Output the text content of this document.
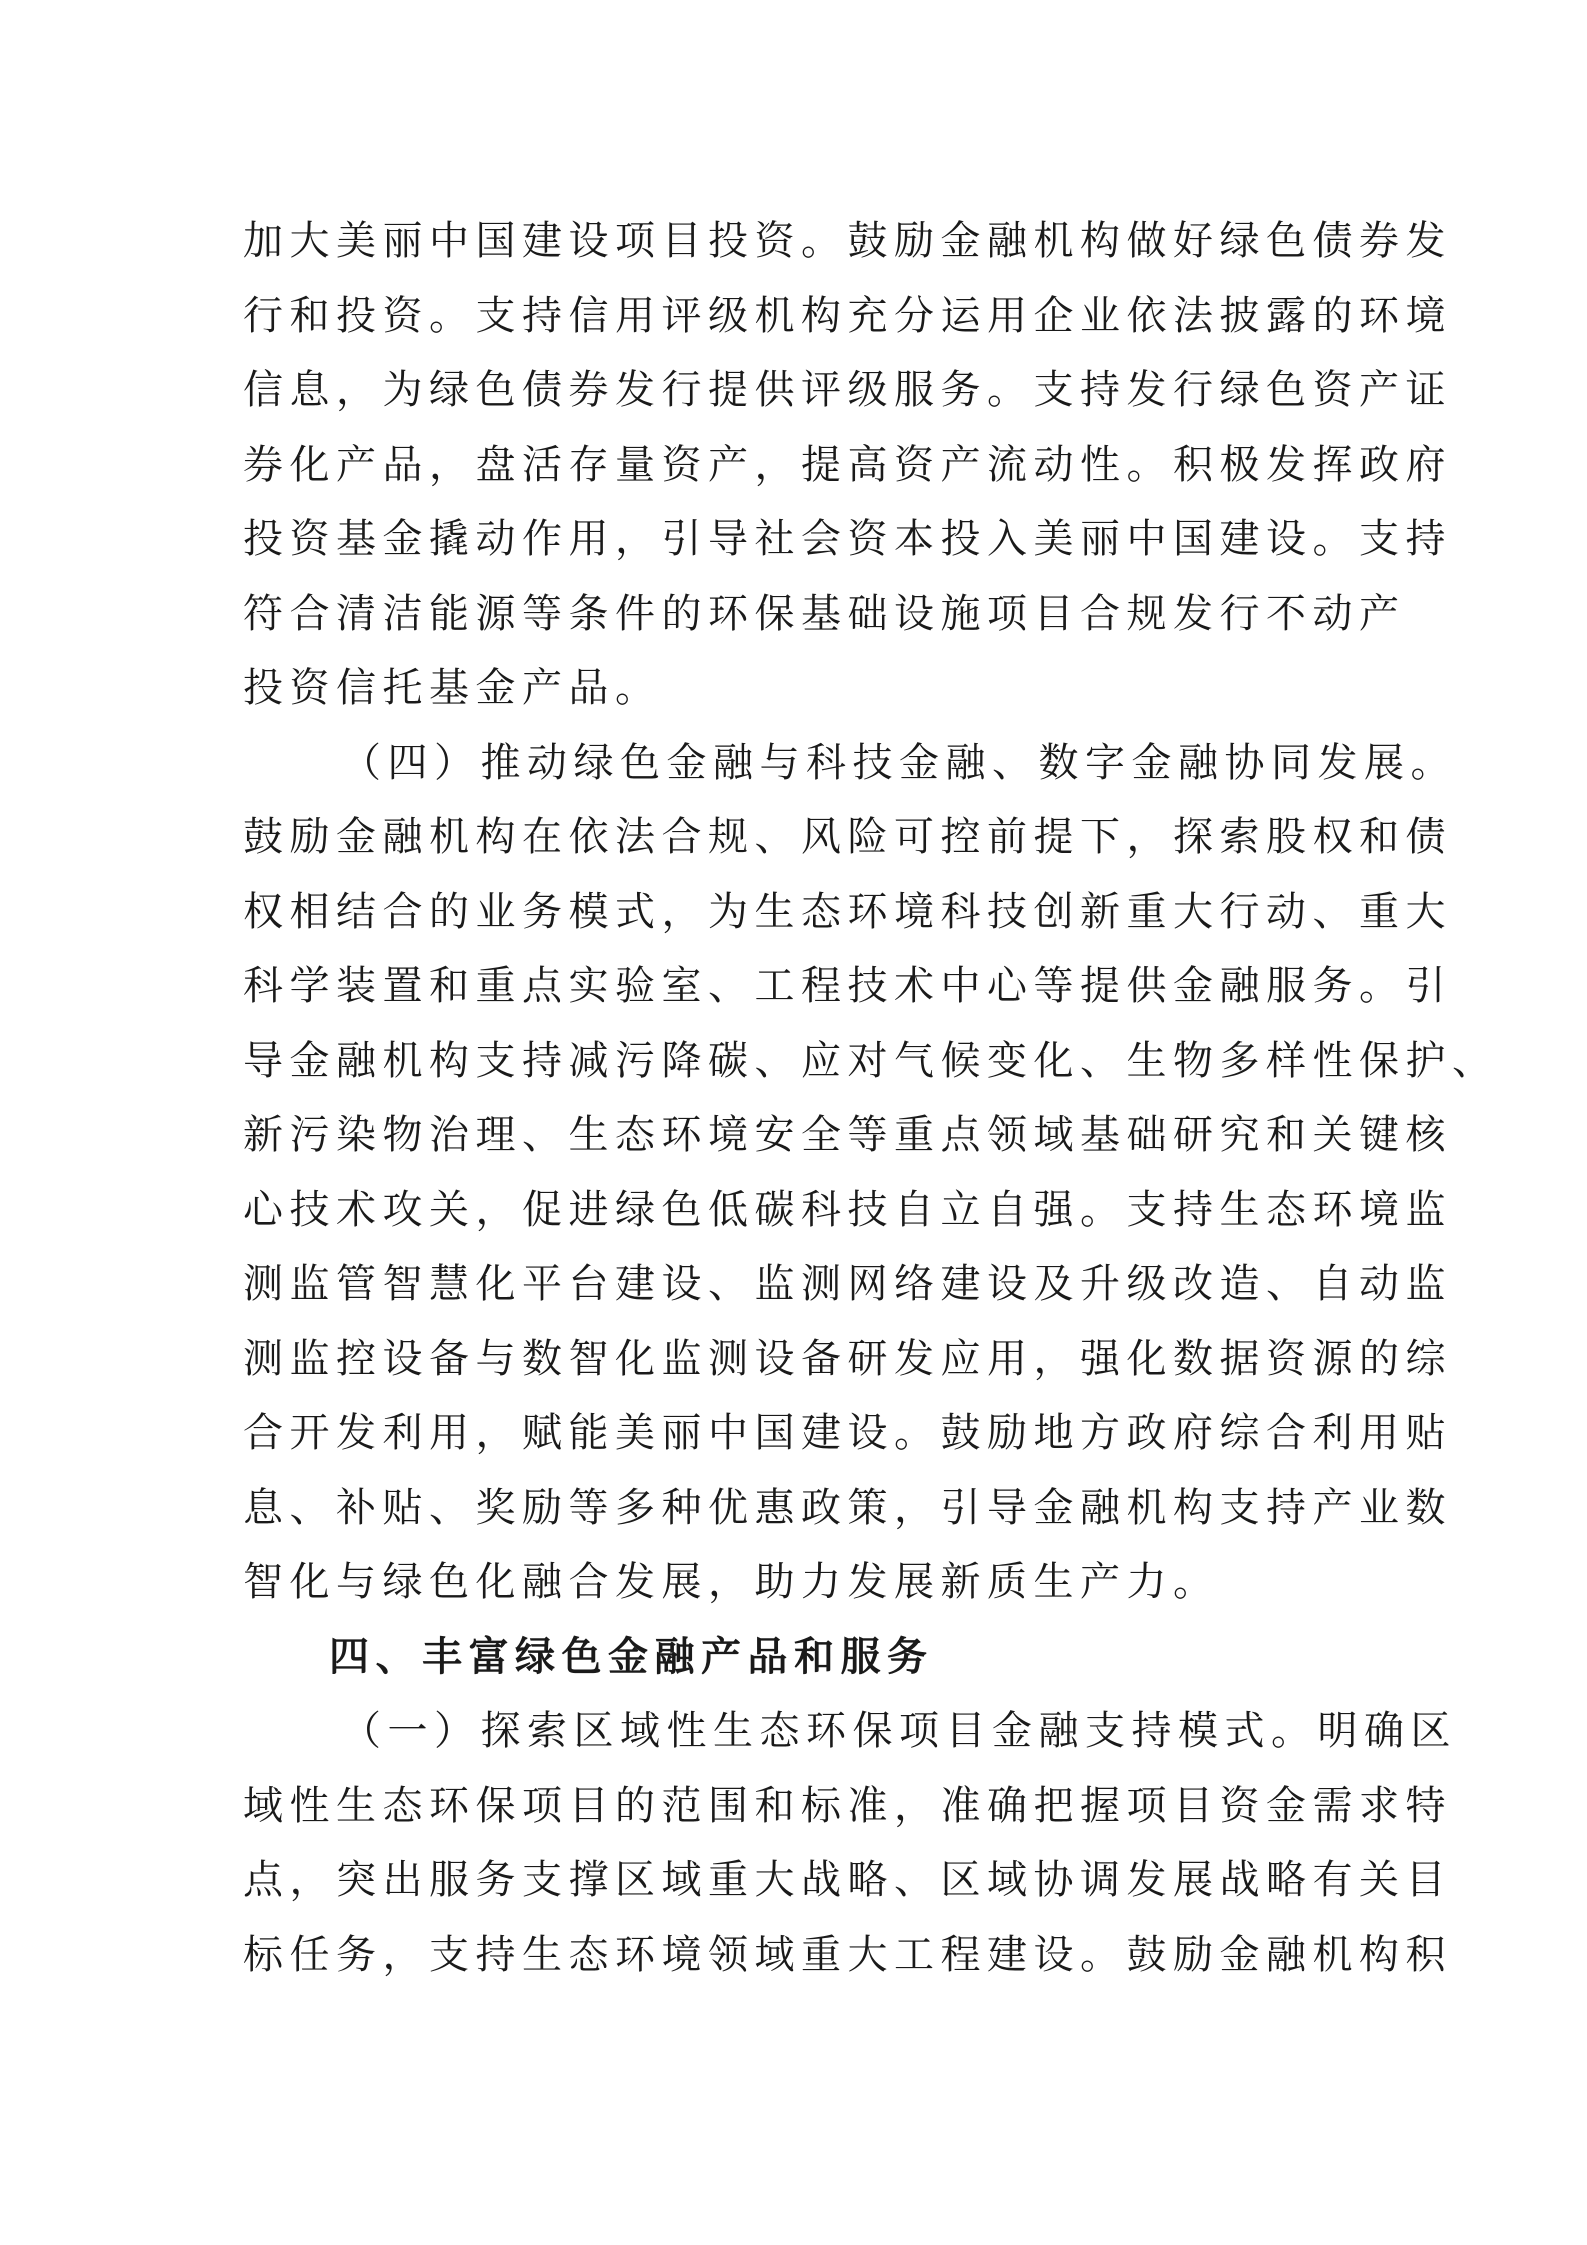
加大美丽中国建设项目投资。鼓励金融机构做好绿色债券发
行和投资。支持信用评级机构充分运用企业依法披露的环境
信息，为绿色债券发行提供评级服务。支持发行绿色资产证
券化产品，盘活存量资产，提高资产流动性。积极发挥政府
投资基金撬动作用，引导社会资本投入美丽中国建设。支持
符合清洁能源等条件的环保基础设施项目合规发行不动产
投资信托基金产品。
（四）推动绿色金融与科技金融、数字金融协同发展。
鼓励金融机构在依法合规、风险可控前提下，探索股权和债
权相结合的业务模式，为生态环境科技创新重大行动、重大
科学装置和重点实验室、工程技术中心等提供金融服务。引
导金融机构支持减污降碳、应对气候变化、生物多样性保护、
新污染物治理、生态环境安全等重点领域基础研究和关键核
心技术攻关，促进绿色低碳科技自立自强。支持生态环境监
测监管智慧化平台建设、监测网络建设及升级改造、自动监
测监控设备与数智化监测设备研发应用，强化数据资源的综
合开发利用，赋能美丽中国建设。鼓励地方政府综合利用贴
息、补贴、奖励等多种优惠政策，引导金融机构支持产业数
智化与绿色化融合发展，助力发展新质生产力。
四、丰富绿色金融产品和服务
（一）探索区域性生态环保项目金融支持模式。明确区
域性生态环保项目的范围和标准，准确把握项目资金需求特
点，突出服务支撑区域重大战略、区域协调发展战略有关目
标任务，支持生态环境领域重大工程建设。鼓励金融机构积
